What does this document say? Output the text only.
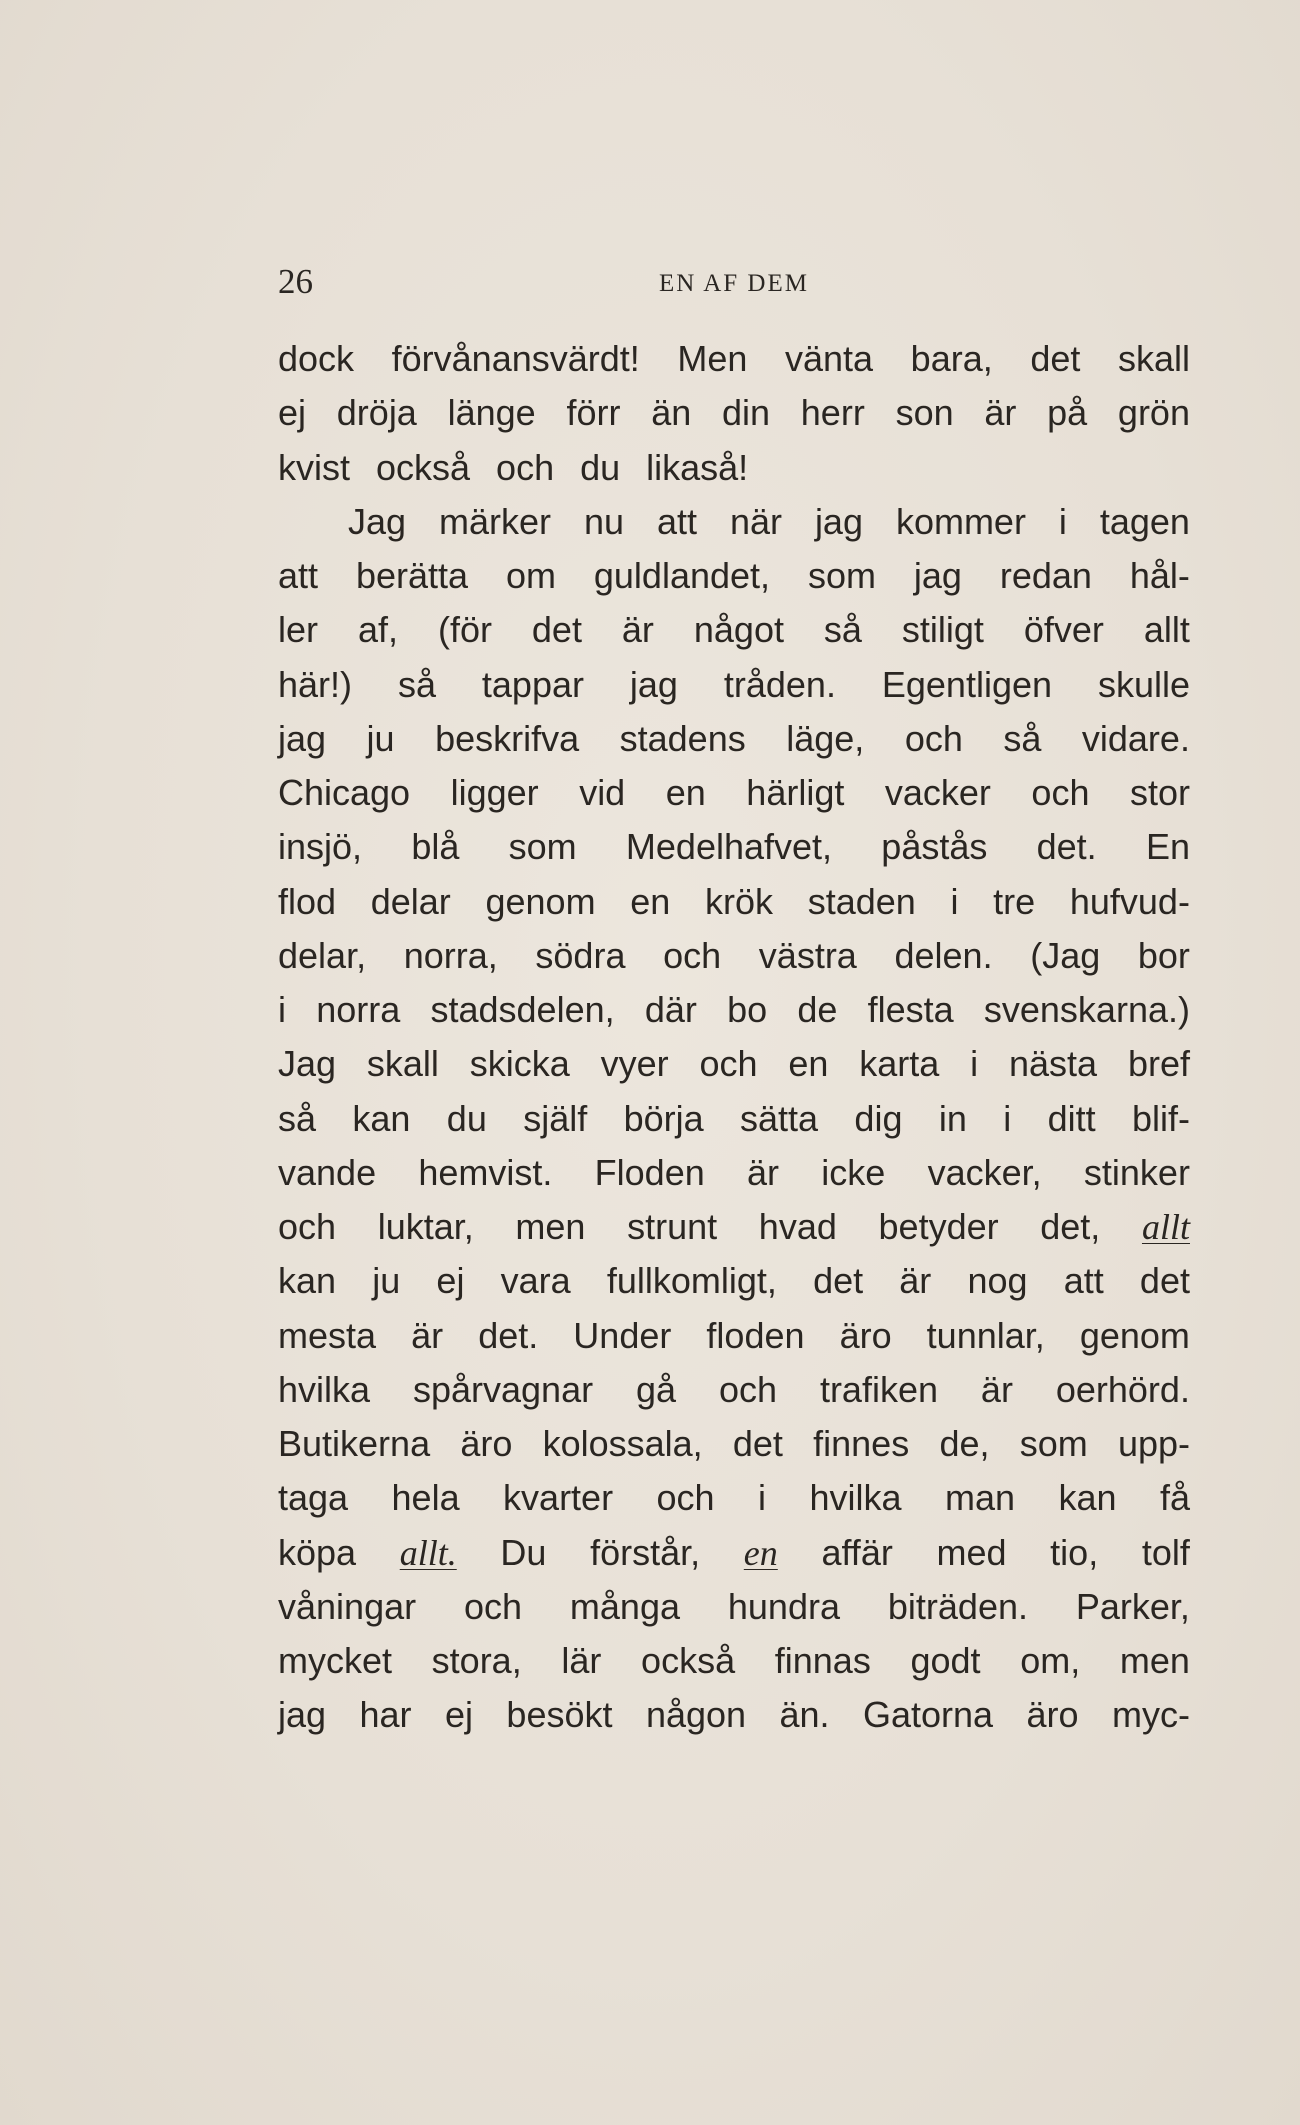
26	EN AF DEM
dock förvånansvärdt! Men vänta bara, det skall
ej dröja länge förr än din herr son är på grön
kvist också och du likaså!
Jag märker nu att när jag kommer i tagen
att berätta om guldlandet, som jag redan hål-
ler af, (för det är något så stiligt öfver allt
här!) så tappar jag tråden. Egentligen skulle
jag ju beskrifva stadens läge, och så vidare.
Chicago ligger vid en härligt vacker och stor
insjö, blå som Medelhafvet, påstås det. En
flod delar genom en krök staden i tre hufvud-
delar, norra, södra och västra delen. (Jag bor
i norra stadsdelen, där bo de flesta svenskarna.)
Jag skall skicka vyer och en karta i nästa bref
så kan du själf börja sätta dig in i ditt blif-
vande hemvist. Floden är icke vacker, stinker
och luktar, men strunt hvad betyder det, allt
kan ju ej vara fullkomligt, det är nog att det
mesta är det. Under floden äro tunnlar, genom
hvilka spårvagnar gå och trafiken är oerhörd.
Butikerna äro kolossala, det finnes de, som upp-
taga hela kvarter och i hvilka man kan få
köpa allt. Du förstår, en affär med tio, tolf
våningar och många hundra biträden. Parker,
mycket stora, lär också finnas godt om, men
jag har ej besökt någon än. Gatorna äro myc-
